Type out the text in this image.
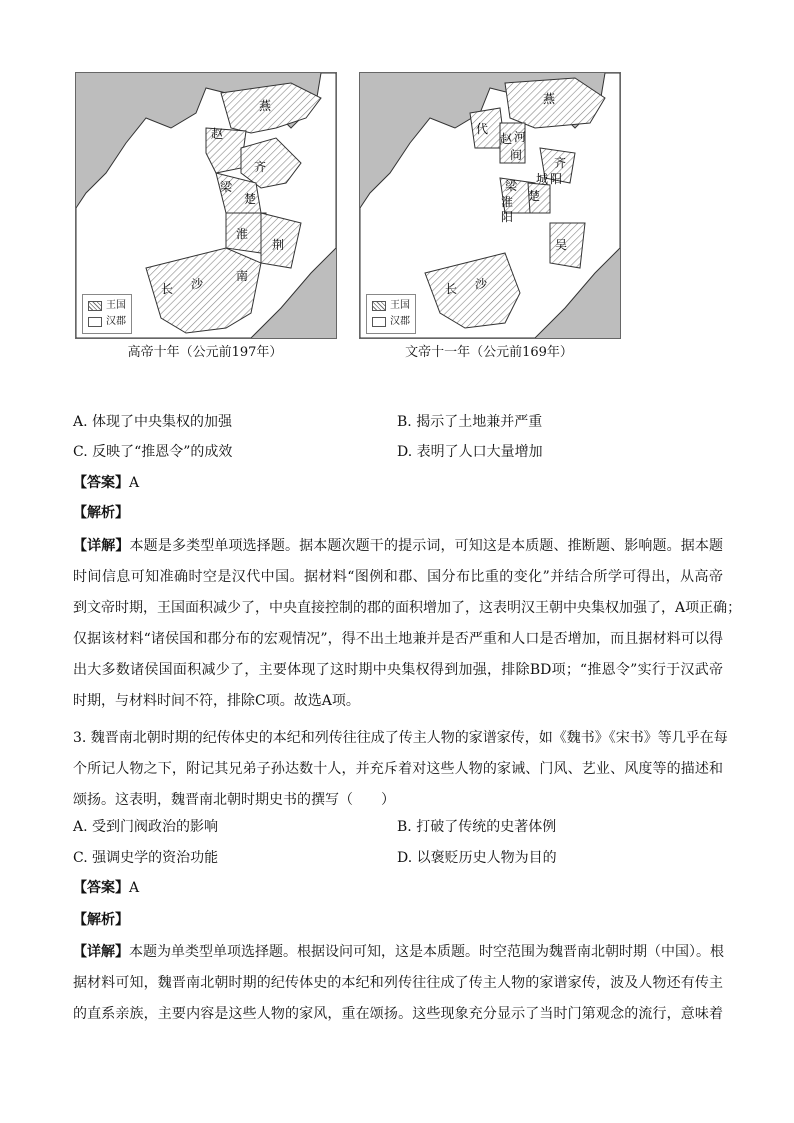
燕
赵
齐
梁
楚
淮
荆
南
长 沙
王国
汉郡
高帝十年（公元前197年）
燕
代
赵 河
间
齐
城 阳
梁
楚
淮
阳
吴
长 沙
王国
汉郡
文帝十一年（公元前169年）
A. 体现了中央集权的加强	B. 揭示了土地兼并严重
C. 反映了“推恩令”的成效	D. 表明了人口大量增加
【答案】A
【解析】
【详解】本题是多类型单项选择题。据本题次题干的提示词，可知这是本质题、推断题、影响题。据本题
时间信息可知准确时空是汉代中国。据材料“图例和郡、国分布比重的变化”并结合所学可得出，从高帝
到文帝时期，王国面积减少了，中央直接控制的郡的面积增加了，这表明汉王朝中央集权加强了，A项正确；
仅据该材料“诸侯国和郡分布的宏观情况”，得不出土地兼并是否严重和人口是否增加，而且据材料可以得
出大多数诸侯国面积减少了，主要体现了这时期中央集权得到加强，排除BD项；“推恩令”实行于汉武帝
时期，与材料时间不符，排除C项。故选A项。
3. 魏晋南北朝时期的纪传体史的本纪和列传往往成了传主人物的家谱家传，如《魏书》《宋书》等几乎在每
个所记人物之下，附记其兄弟子孙达数十人，并充斥着对这些人物的家诫、门风、艺业、风度等的描述和
颂扬。这表明，魏晋南北朝时期史书的撰写（　　）
A. 受到门阀政治的影响	B. 打破了传统的史著体例
C. 强调史学的资治功能	D. 以褒贬历史人物为目的
【答案】A
【解析】
【详解】本题为单类型单项选择题。根据设问可知，这是本质题。时空范围为魏晋南北朝时期（中国）。根
据材料可知，魏晋南北朝时期的纪传体史的本纪和列传往往成了传主人物的家谱家传，波及人物还有传主
的直系亲族，主要内容是这些人物的家风，重在颂扬。这些现象充分显示了当时门第观念的流行，意味着
